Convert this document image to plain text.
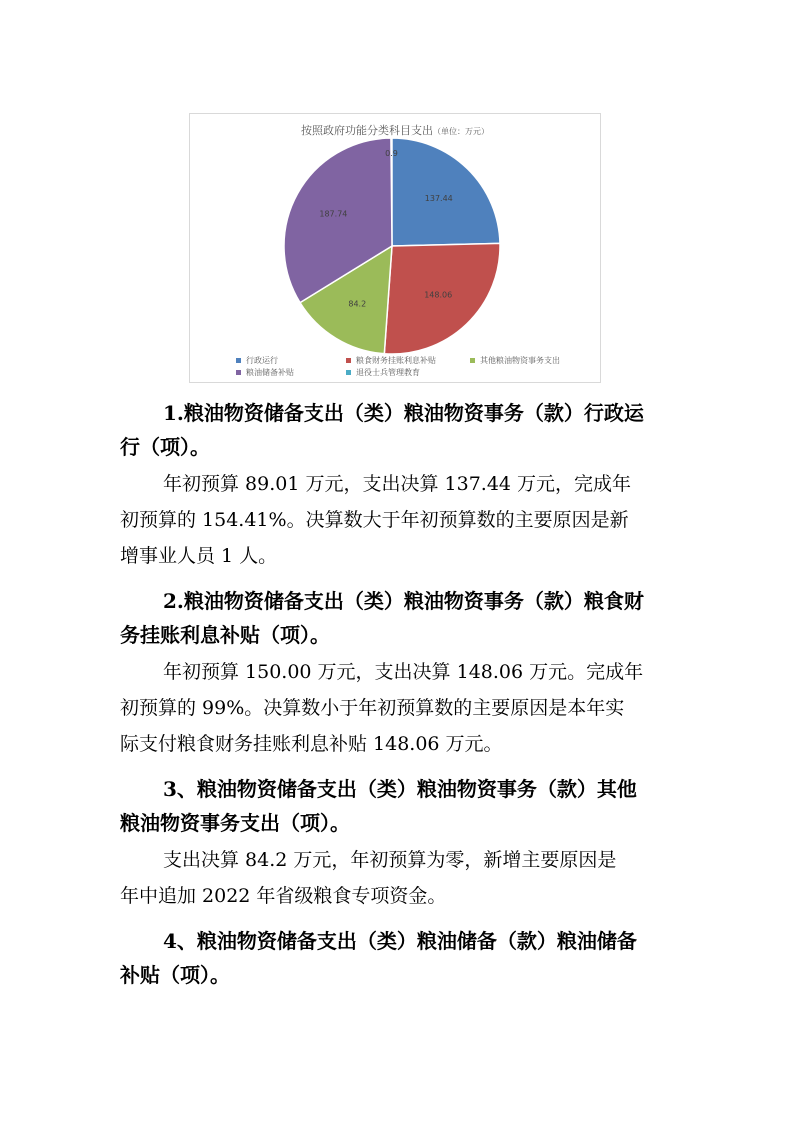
按照政府功能分类科目支出（单位：万元）
0.9
137.44
148.06
84.2
187.74
行政运行	粮食财务挂账利息补贴	其他粮油物资事务支出
粮油储备补贴	退役士兵管理教育
1.粮油物资储备支出（类）粮油物资事务（款）行政运
行（项）。
年初预算 89.01 万元，支出决算 137.44 万元，完成年
初预算的 154.41%。决算数大于年初预算数的主要原因是新
增事业人员 1 人。
2.粮油物资储备支出（类）粮油物资事务（款）粮食财
务挂账利息补贴（项）。
年初预算 150.00 万元，支出决算 148.06 万元。完成年
初预算的 99%。决算数小于年初预算数的主要原因是本年实
际支付粮食财务挂账利息补贴 148.06 万元。
3、粮油物资储备支出（类）粮油物资事务（款）其他
粮油物资事务支出（项）。
支出决算 84.2 万元，年初预算为零，新增主要原因是
年中追加 2022 年省级粮食专项资金。
4、粮油物资储备支出（类）粮油储备（款）粮油储备
补贴（项）。
